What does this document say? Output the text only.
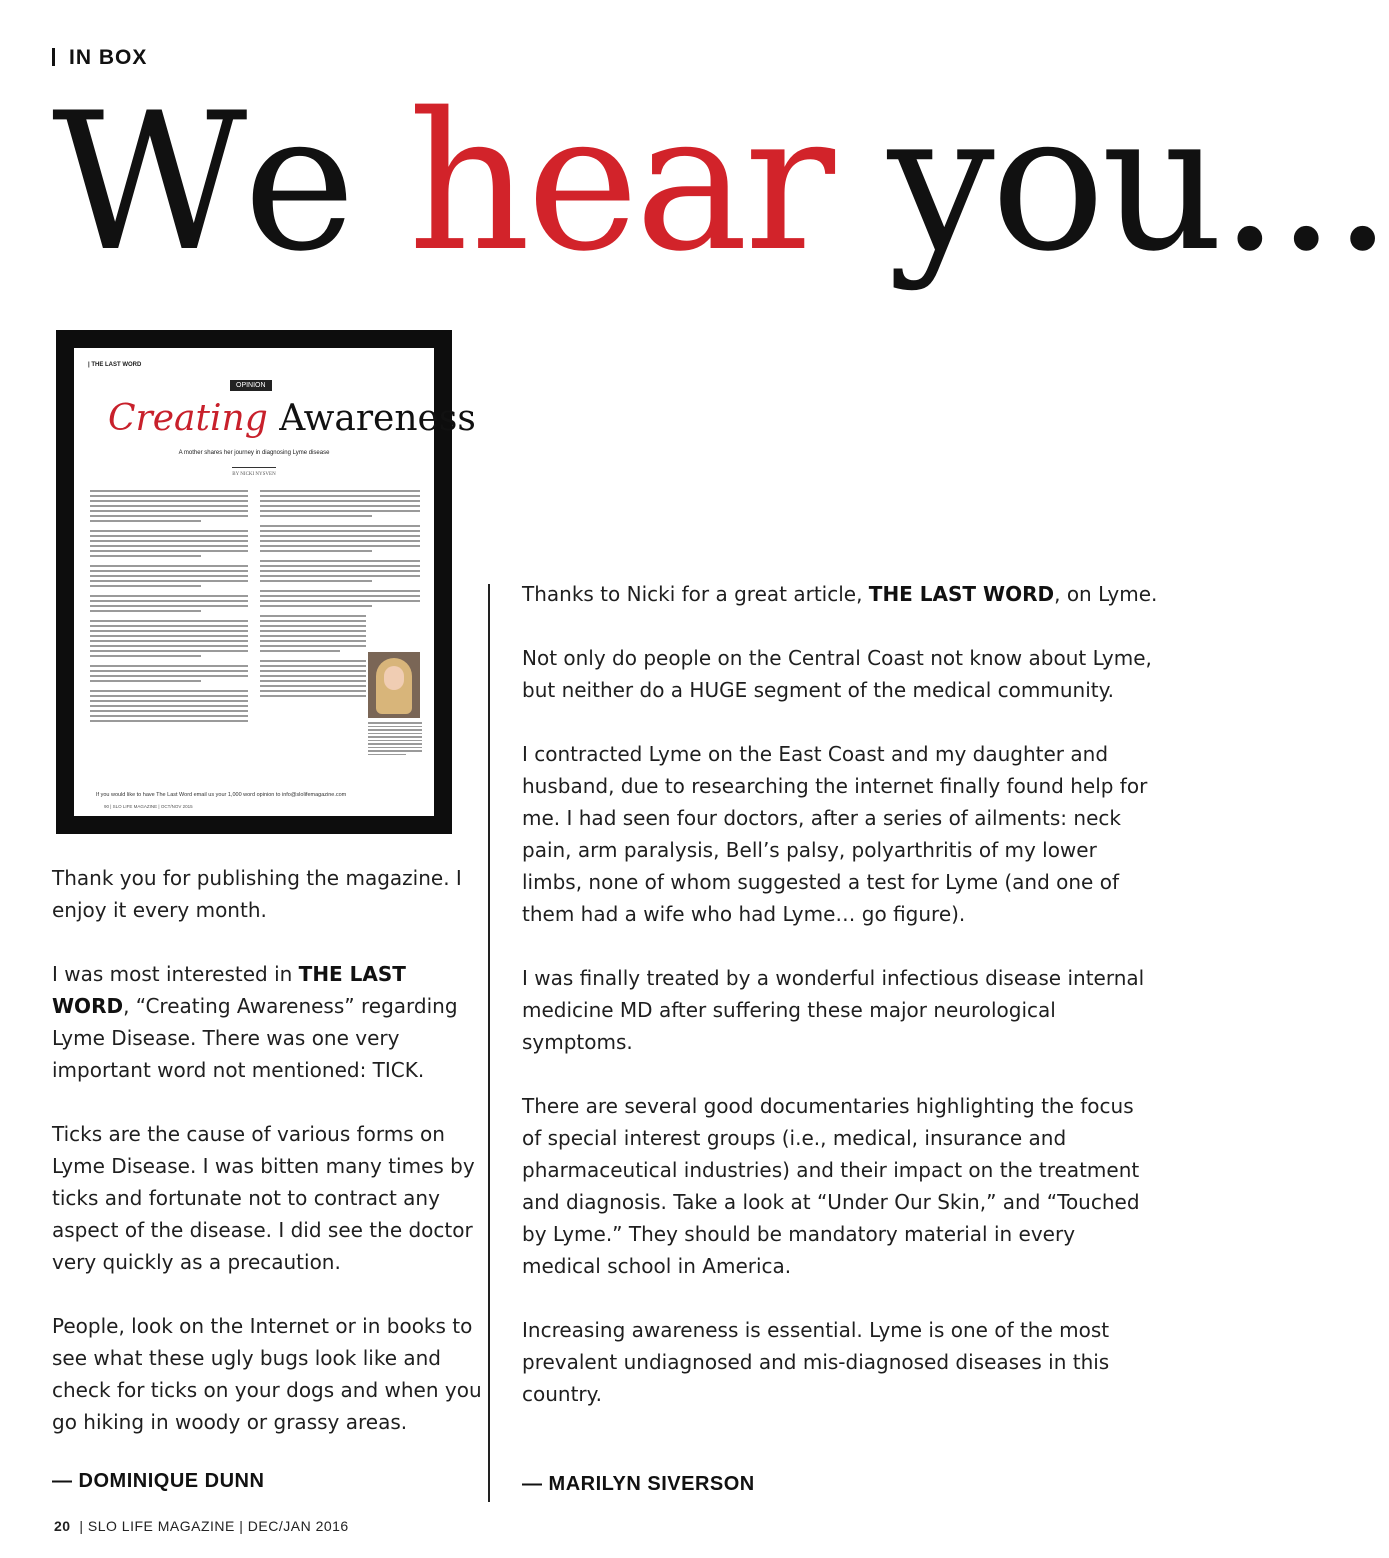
IN BOX
We hear you...
| THE LAST WORD
OPINION
Creating Awareness
A mother shares her journey in diagnosing Lyme disease
BY NICKI NYSVEN
If you would like to have The Last Word email us your 1,000 word opinion to info@slolifemagazine.com
90 | SLO LIFE MAGAZINE | OCT/NOV 2015

Thank you for publishing the magazine. I enjoy it every month.

I was most interested in THE LAST WORD, “Creating Awareness” regarding Lyme Disease. There was one very important word not mentioned: TICK.

Ticks are the cause of various forms on Lyme Disease. I was bitten many times by ticks and fortunate not to contract any aspect of the disease. I did see the doctor very quickly as a precaution.

People, look on the Internet or in books to see what these ugly bugs look like and check for ticks on your dogs and when you go hiking in woody or grassy areas.

— DOMINIQUE DUNN

Thanks to Nicki for a great article, THE LAST WORD, on Lyme.

Not only do people on the Central Coast not know about Lyme, but neither do a HUGE segment of the medical community.

I contracted Lyme on the East Coast and my daughter and husband, due to researching the internet finally found help for me. I had seen four doctors, after a series of ailments: neck pain, arm paralysis, Bell’s palsy, polyarthritis of my lower limbs, none of whom suggested a test for Lyme (and one of them had a wife who had Lyme… go figure).

I was finally treated by a wonderful infectious disease internal medicine MD after suffering these major neurological symptoms.

There are several good documentaries highlighting the focus of special interest groups (i.e., medical, insurance and pharmaceutical industries) and their impact on the treatment and diagnosis. Take a look at “Under Our Skin,” and “Touched by Lyme.” They should be mandatory material in every medical school in America.

Increasing awareness is essential. Lyme is one of the most prevalent undiagnosed and mis-diagnosed diseases in this country.

— MARILYN SIVERSON
20 | SLO LIFE MAGAZINE | DEC/JAN 2016
